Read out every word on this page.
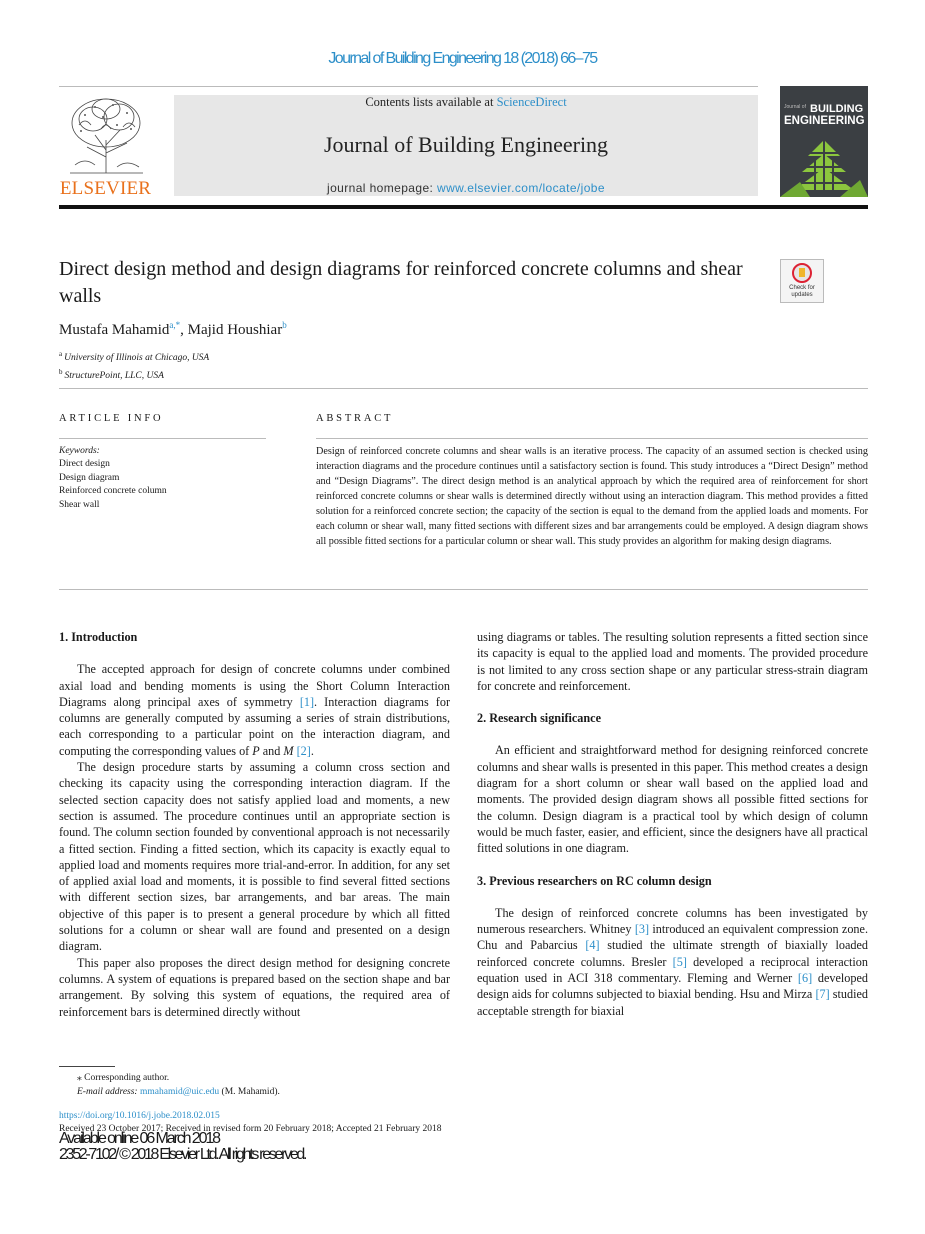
Journal of Building Engineering 18 (2018) 66–75
ELSEVIER
Contents lists available at ScienceDirect
Journal of Building Engineering
journal homepage: www.elsevier.com/locate/jobe
Journal of BUILDING
ENGINEERING
Direct design method and design diagrams for reinforced concrete columns and shear walls	Check for updates
Mustafa Mahamid$^{a,*}$, Majid Houshiar$^b$
$^a$ University of Illinois at Chicago, USA
$^b$ StructurePoint, LLC, USA
ARTICLE INFO
Keywords:
Direct design
Design diagram
Reinforced concrete column
Shear wall
ABSTRACT
Design of reinforced concrete columns and shear walls is an iterative process. The capacity of an assumed section is checked using interaction diagrams and the procedure continues until a satisfactory section is found. This study introduces a “Direct Design” method and “Design Diagrams”. The direct design method is an analytical approach by which the required area of reinforcement for short reinforced concrete columns or shear walls is determined directly without using an interaction diagram. This method provides a fitted solution for a reinforced concrete section; the capacity of the section is equal to the demand from the applied loads and moments. For each column or shear wall, many fitted sections with different sizes and bar arrangements could be employed. A design diagram shows all possible fitted sections for a particular column or shear wall. This study provides an algorithm for making design diagrams.
1. Introduction

The accepted approach for design of concrete columns under combined axial load and bending moments is using the Short Column Interaction Diagrams along principal axes of symmetry [1]. Interaction diagrams for columns are generally computed by assuming a series of strain distributions, each corresponding to a particular point on the interaction diagram, and computing the corresponding values of P and M [2].

The design procedure starts by assuming a column cross section and checking its capacity using the corresponding interaction diagram. If the selected section capacity does not satisfy applied load and moments, a new section is assumed. The procedure continues until an appropriate section is found. The column section founded by conventional approach is not necessarily a fitted section. Finding a fitted section, which its capacity is exactly equal to applied load and moments requires more trial-and-error. In addition, for any set of applied axial load and moments, it is possible to find several fitted sections with different section sizes, bar arrangements, and bar areas. The main objective of this paper is to present a general procedure by which all fitted solutions for a column or shear wall are found and presented on a design diagram.

This paper also proposes the direct design method for designing concrete columns. A system of equations is prepared based on the section shape and bar arrangement. By solving this system of equations, the required area of reinforcement bars is determined directly without

using diagrams or tables. The resulting solution represents a fitted section since its capacity is equal to the applied load and moments. The provided procedure is not limited to any cross section shape or any particular stress-strain diagram for concrete and reinforcement.

2. Research significance

An efficient and straightforward method for designing reinforced concrete columns and shear walls is presented in this paper. This method creates a design diagram for a short column or shear wall based on the applied load and moments. The provided design diagram shows all possible fitted sections for the column. Design diagram is a practical tool by which design of column would be much faster, easier, and efficient, since the designers have all practical fitted solutions in one diagram.

3. Previous researchers on RC column design

The design of reinforced concrete columns has been investigated by numerous researchers. Whitney [3] introduced an equivalent compression zone. Chu and Pabarcius [4] studied the ultimate strength of biaxially loaded reinforced concrete columns. Bresler [5] developed a reciprocal interaction equation used in ACI 318 commentary. Fleming and Werner [6] developed design aids for columns subjected to biaxial bending. Hsu and Mirza [7] studied acceptable strength for biaxial

⁎ Corresponding author.
E-mail address: mmahamid@uic.edu (M. Mahamid).
https://doi.org/10.1016/j.jobe.2018.02.015
Received 23 October 2017; Received in revised form 20 February 2018; Accepted 21 February 2018
Available online 06 March 2018
2352-7102/ © 2018 Elsevier Ltd. All rights reserved.
